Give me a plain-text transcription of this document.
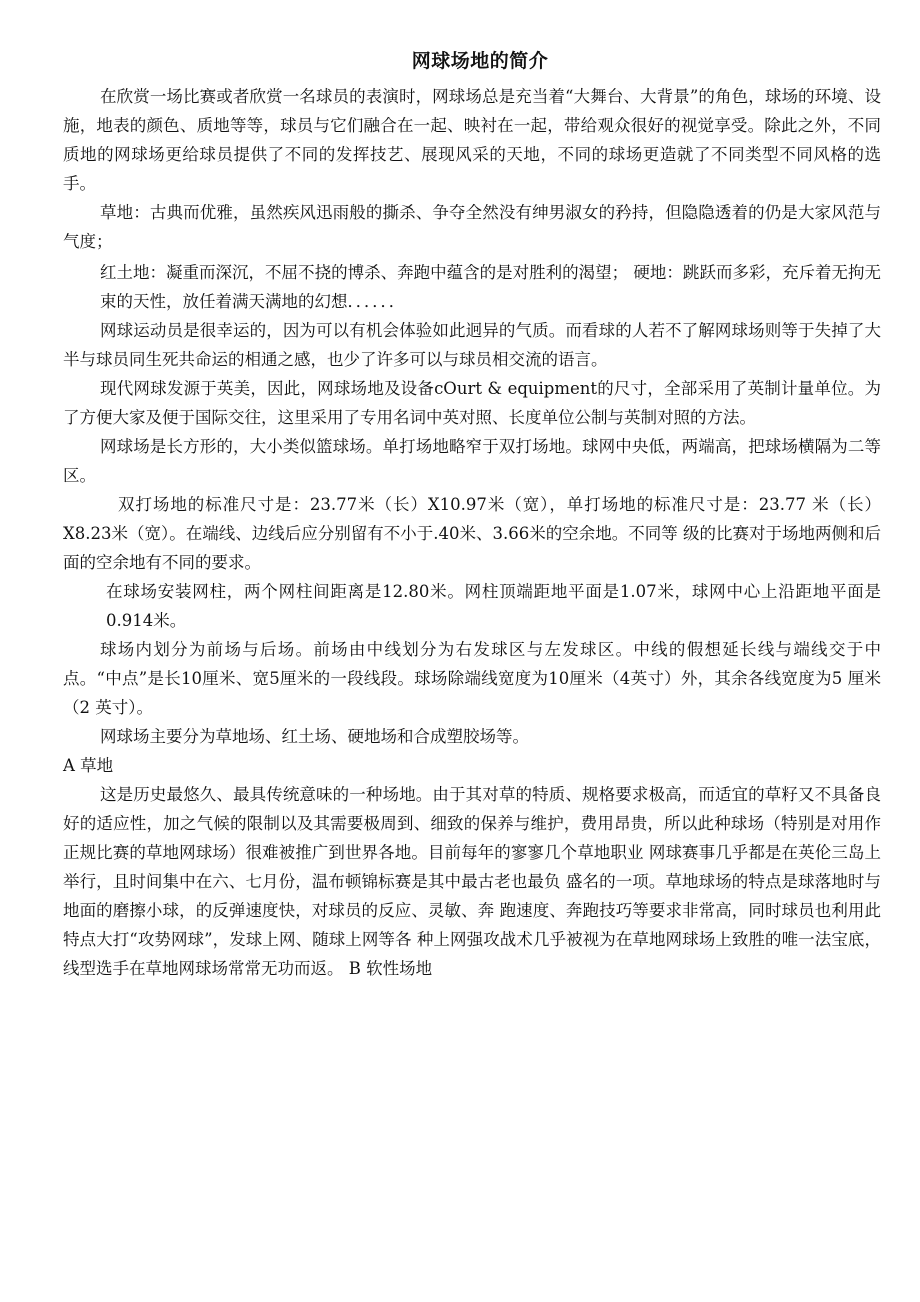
网球场地的简介

在欣赏一场比赛或者欣赏一名球员的表演时，网球场总是充当着“大舞台、大背景”的角色，球场的环境、设施，地表的颜色、质地等等，球员与它们融合在一起、映衬在一起，带给观众很好的视觉享受。除此之外，不同质地的网球场更给球员提供了不同的发挥技艺、展现风采的天地，不同的球场更造就了不同类型不同风格的选手。

草地：古典而优雅，虽然疾风迅雨般的撕杀、争夺全然没有绅男淑女的矜持，但隐隐透着的仍是大家风范与气度；

红土地：凝重而深沉，不屈不挠的博杀、奔跑中蕴含的是对胜利的渴望； 硬地：跳跃而多彩，充斥着无拘无束的天性，放任着满天满地的幻想．．．．．．

网球运动员是很幸运的，因为可以有机会体验如此迥异的气质。而看球的人若不了解网球场则等于失掉了大半与球员同生死共命运的相通之感，也少了许多可以与球员相交流的语言。

现代网球发源于英美，因此，网球场地及设备cOurt & equipment的尺寸，全部采用了英制计量单位。为了方便大家及便于国际交往，这里采用了专用名词中英对照、长度单位公制与英制对照的方法。

网球场是长方形的，大小类似篮球场。单打场地略窄于双打场地。球网中央低，两端高，把球场横隔为二等区。

双打场地的标准尺寸是：23.77米（长）X10.97米（宽），单打场地的标准尺寸是：23.77 米（长）X8.23米（宽）。在端线、边线后应分别留有不小于.40米、3.66米的空余地。不同等 级的比赛对于场地两侧和后面的空余地有不同的要求。

在球场安装网柱，两个网柱间距离是12.80米。网柱顶端距地平面是1.07米，球网中心上沿距地平面是0.914米。

球场内划分为前场与后场。前场由中线划分为右发球区与左发球区。中线的假想延长线与端线交于中点。“中点”是长10厘米、宽5厘米的一段线段。球场除端线宽度为10厘米（4英寸）外，其余各线宽度为5 厘米（2 英寸）。

网球场主要分为草地场、红土场、硬地场和合成塑胶场等。

A 草地

这是历史最悠久、最具传统意味的一种场地。由于其对草的特质、规格要求极高，而适宜的草籽又不具备良好的适应性，加之气候的限制以及其需要极周到、细致的保养与维护，费用昂贵，所以此种球场（特别是对用作正规比赛的草地网球场）很难被推广到世界各地。目前每年的寥寥几个草地职业 网球赛事几乎都是在英伦三岛上举行，且时间集中在六、七月份，温布顿锦标赛是其中最古老也最负 盛名的一项。草地球场的特点是球落地时与地面的磨擦小球，的反弹速度快，对球员的反应、灵敏、奔 跑速度、奔跑技巧等要求非常高，同时球员也利用此特点大打“攻势网球”，发球上网、随球上网等各 种上网强攻战术几乎被视为在草地网球场上致胜的唯一法宝底，线型选手在草地网球场常常无功而返。 B 软性场地
